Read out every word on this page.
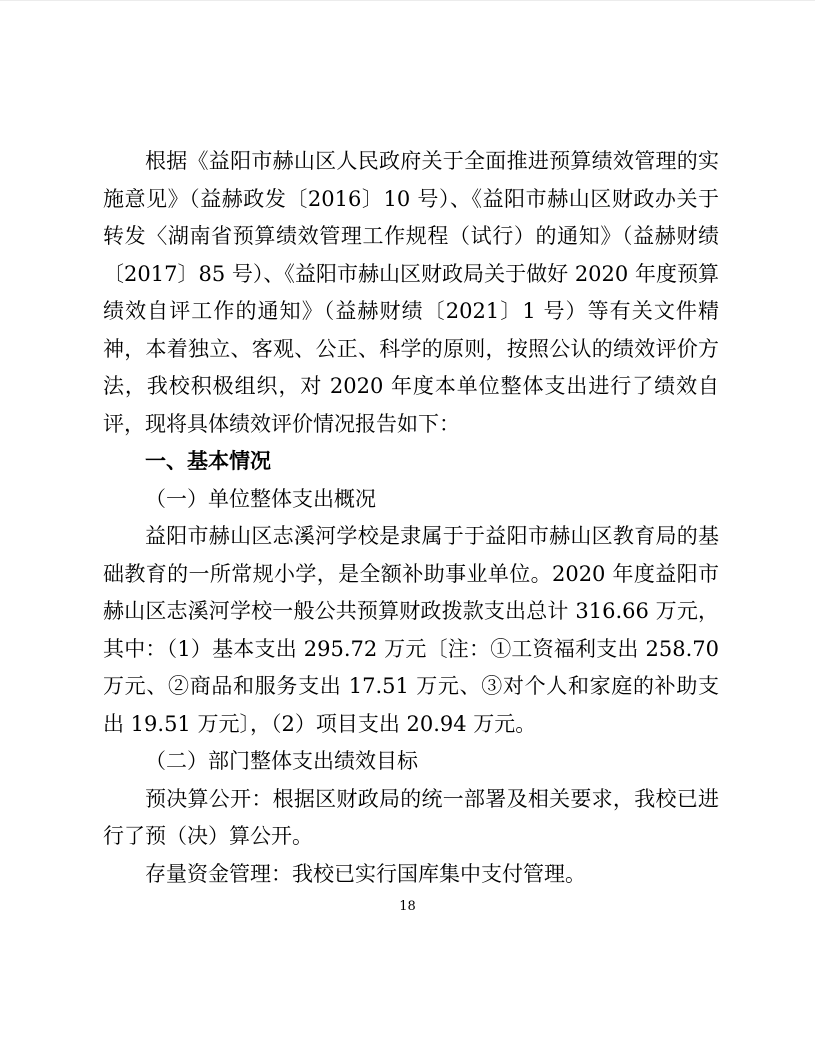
根据《益阳市赫山区人民政府关于全面推进预算绩效管理的实施意见》（益赫政发〔2016〕10 号）、《益阳市赫山区财政办关于转发〈湖南省预算绩效管理工作规程（试行）的通知》（益赫财绩〔2017〕85 号）、《益阳市赫山区财政局关于做好 2020 年度预算绩效自评工作的通知》（益赫财绩〔2021〕1 号）等有关文件精神，本着独立、客观、公正、科学的原则，按照公认的绩效评价方法，我校积极组织，对 2020 年度本单位整体支出进行了绩效自评，现将具体绩效评价情况报告如下：

一、基本情况

（一）单位整体支出概况

益阳市赫山区志溪河学校是隶属于于益阳市赫山区教育局的基础教育的一所常规小学，是全额补助事业单位。2020 年度益阳市赫山区志溪河学校一般公共预算财政拨款支出总计 316.66 万元，其中：（1）基本支出 295.72 万元〔注：①工资福利支出 258.70 万元、②商品和服务支出 17.51 万元、③对个人和家庭的补助支出 19.51 万元〕，（2）项目支出 20.94 万元。

（二）部门整体支出绩效目标

预决算公开：根据区财政局的统一部署及相关要求，我校已进行了预（决）算公开。

存量资金管理：我校已实行国库集中支付管理。

18
